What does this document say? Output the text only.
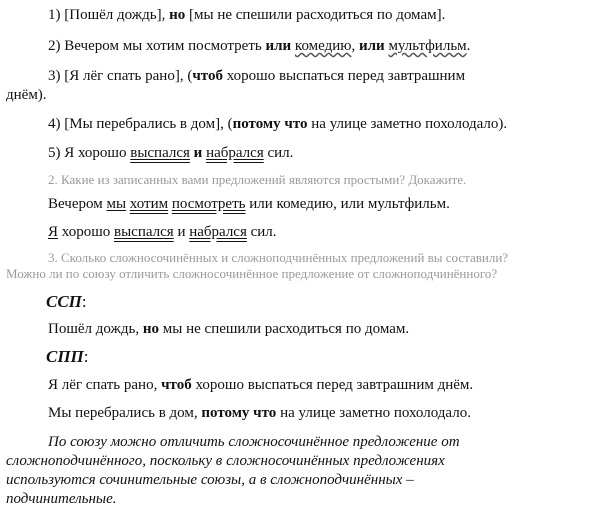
1) [Пошёл дождь], но [мы не спешили расходиться по домам].
2) Вечером мы хотим посмотреть или комедию, или мультфильм.
3) [Я лёг спать рано], (чтоб хорошо выспаться перед завтрашним
днём).
4) [Мы перебрались в дом], (потому что на улице заметно похолодало).
5) Я хорошо выспался и набрался сил.
2. Какие из записанных вами предложений являются простыми? Докажите.
Вечером мы хотим посмотреть или комедию, или мультфильм.
Я хорошо выспался и набрался сил.
3. Сколько сложносочинённых и сложноподчинённых предложений вы составили?
Можно ли по союзу отличить сложносочинённое предложение от сложноподчинённого?
ССП:
Пошёл дождь, но мы не спешили расходиться по домам.
СПП:
Я лёг спать рано, чтоб хорошо выспаться перед завтрашним днём.
Мы перебрались в дом, потому что на улице заметно похолодало.
По союзу можно отличить сложносочинённое предложение от
сложноподчинённого, поскольку в сложносочинённых предложениях
используются сочинительные союзы, а в сложноподчинённых –
подчинительные.
